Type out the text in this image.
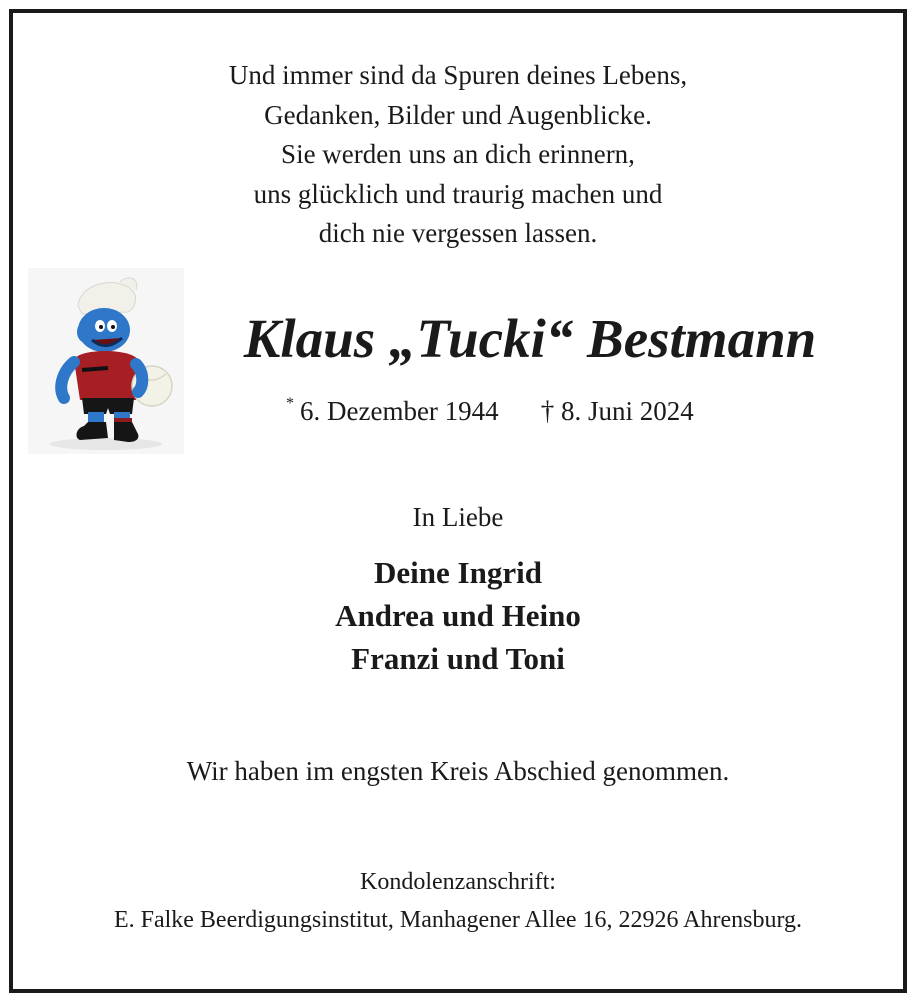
Und immer sind da Spuren deines Lebens,
Gedanken, Bilder und Augenblicke.
Sie werden uns an dich erinnern,
uns glücklich und traurig machen und
dich nie vergessen lassen.
Klaus „Tucki“ Bestmann
* 6. Dezember 1944 † 8. Juni 2024
In Liebe
Deine Ingrid
Andrea und Heino
Franzi und Toni
Wir haben im engsten Kreis Abschied genommen.
Kondolenzanschrift:
E. Falke Beerdigungsinstitut, Manhagener Allee 16, 22926 Ahrensburg.
